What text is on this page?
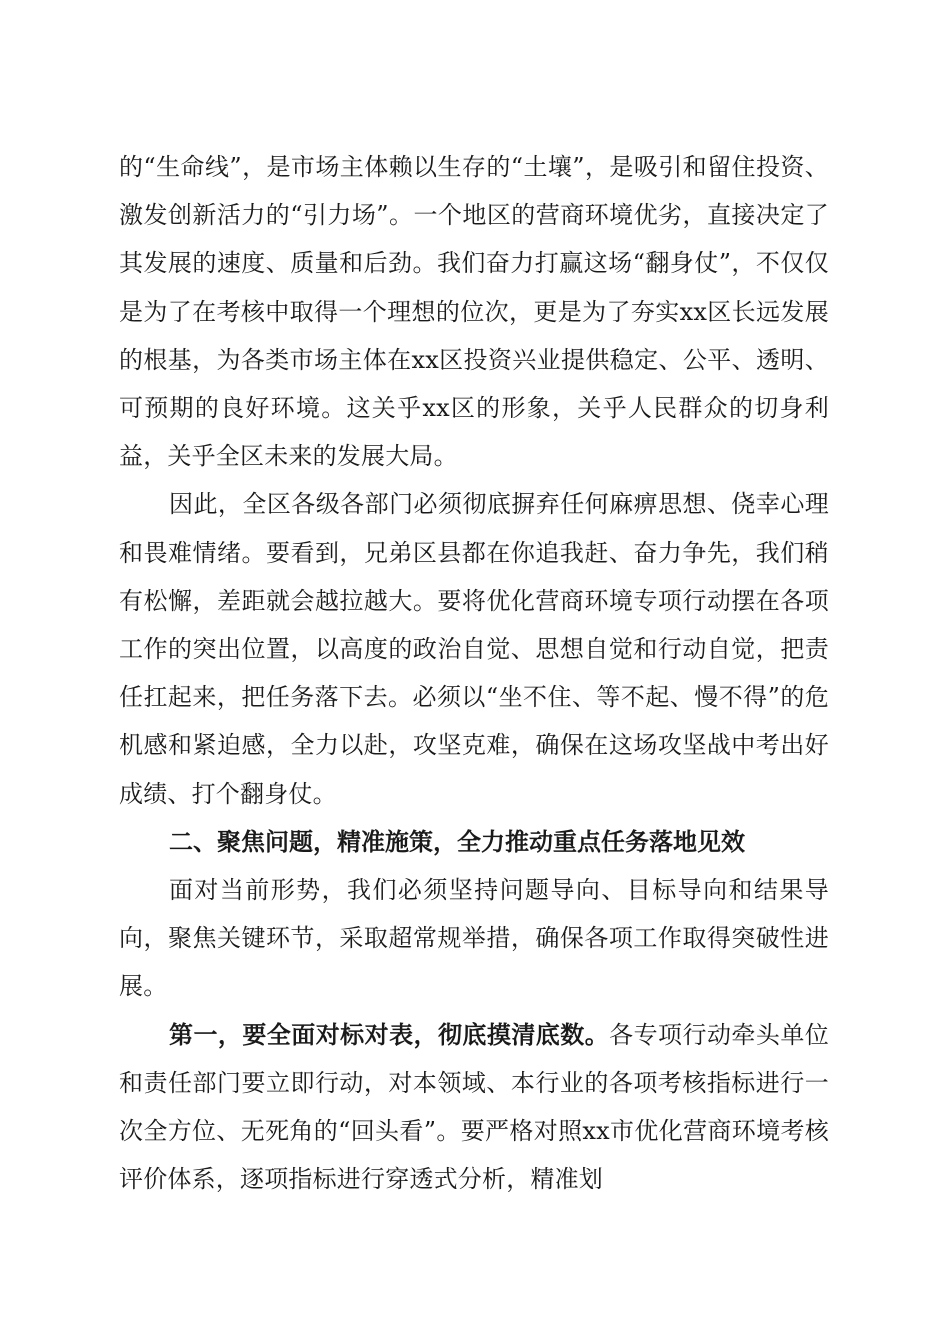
的“生命线”，是市场主体赖以生存的“土壤”，是吸引和留住投资、激发创新活力的“引力场”。一个地区的营商环境优劣，直接决定了其发展的速度、质量和后劲。我们奋力打赢这场“翻身仗”，不仅仅是为了在考核中取得一个理想的位次，更是为了夯实xx区长远发展的根基，为各类市场主体在xx区投资兴业提供稳定、公平、透明、可预期的良好环境。这关乎xx区的形象，关乎人民群众的切身利益，关乎全区未来的发展大局。

因此，全区各级各部门必须彻底摒弃任何麻痹思想、侥幸心理和畏难情绪。要看到，兄弟区县都在你追我赶、奋力争先，我们稍有松懈，差距就会越拉越大。要将优化营商环境专项行动摆在各项工作的突出位置，以高度的政治自觉、思想自觉和行动自觉，把责任扛起来，把任务落下去。必须以“坐不住、等不起、慢不得”的危机感和紧迫感，全力以赴，攻坚克难，确保在这场攻坚战中考出好成绩、打个翻身仗。

二、聚焦问题，精准施策，全力推动重点任务落地见效

面对当前形势，我们必须坚持问题导向、目标导向和结果导向，聚焦关键环节，采取超常规举措，确保各项工作取得突破性进展。

第一，要全面对标对表，彻底摸清底数。各专项行动牵头单位和责任部门要立即行动，对本领域、本行业的各项考核指标进行一次全方位、无死角的“回头看”。要严格对照xx市优化营商环境考核评价体系，逐项指标进行穿透式分析，精准划
